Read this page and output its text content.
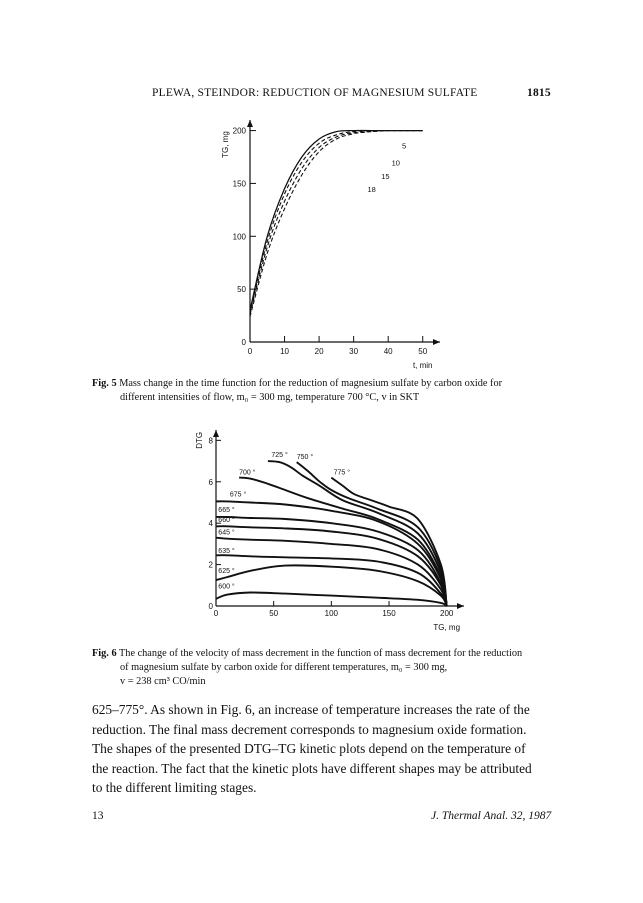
PLEWA, STEINDOR: REDUCTION OF MAGNESIUM SULFATE	1815
0	10	20	30	40	50
0
50
100
150
200
t, min
TG, mg	5
10
15
18
Fig. 5 Mass change in the time function for the reduction of magnesium sulfate by carbon oxide for
different intensities of flow, m₀ = 300 mg, temperature 700 °C, v in SKT
0	50	100	150	200
0
2
4
6
8
TG, mg
DTG
600 °
625 °
635 °
645 °
660 °
665 °
675 °
700 °
725 ° 750 °
775 °
Fig. 6 The change of the velocity of mass decrement in the function of mass decrement for the reduction
of magnesium sulfate by carbon oxide for different temperatures, m₀ = 300 mg,
v = 238 cm³ CO/min
625–775°. As shown in Fig. 6, an increase of temperature increases the rate of the
reduction. The final mass decrement corresponds to magnesium oxide formation.
The shapes of the presented DTG–TG kinetic plots depend on the temperature of
the reaction. The fact that the kinetic plots have different shapes may be attributed
to the different limiting stages.
13	J. Thermal Anal. 32, 1987
